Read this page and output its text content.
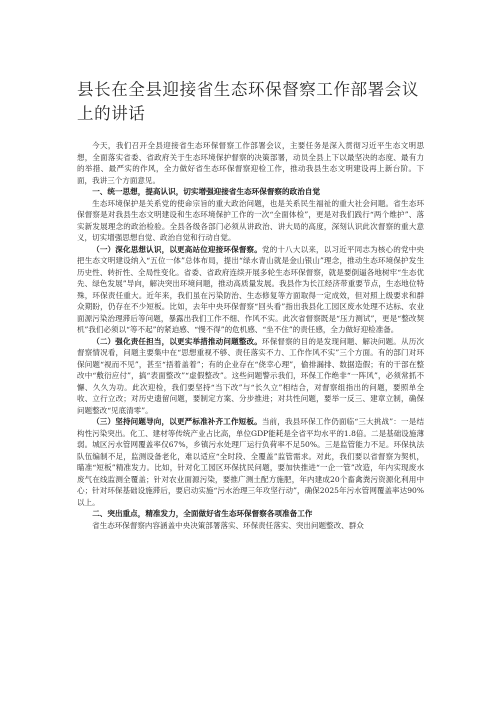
县长在全县迎接省生态环保督察工作部署会议上的讲话

今天，我们召开全县迎接省生态环保督察工作部署会议，主要任务是深入贯彻习近平生态文明思想，全面落实省委、省政府关于生态环境保护督察的决策部署，动员全县上下以最坚决的态度、最有力的举措、最严实的作风，全力做好省生态环保督察迎检工作，推动我县生态文明建设再上新台阶。下面，我讲三个方面意见。

一、统一思想，提高认识，切实增强迎接省生态环保督察的政治自觉

生态环境保护是关系党的使命宗旨的重大政治问题，也是关系民生福祉的重大社会问题。省生态环保督察是对我县生态文明建设和生态环境保护工作的一次“全面体检”，更是对我们践行“两个维护”、落实新发展理念的政治检验。全县各级各部门必须从讲政治、讲大局的高度，深刻认识此次督察的重大意义，切实增强思想自觉、政治自觉和行动自觉。

（一）深化思想认识，以更高站位迎接环保督察。党的十八大以来，以习近平同志为核心的党中央把生态文明建设纳入“五位一体”总体布局，提出“绿水青山就是金山银山”理念，推动生态环境保护发生历史性、转折性、全局性变化。省委、省政府连续开展多轮生态环保督察，就是要倒逼各地树牢“生态优先、绿色发展”导向，解决突出环境问题，推动高质量发展。我县作为长江经济带重要节点，生态地位特殊，环保责任重大。近年来，我们虽在污染防治、生态修复等方面取得一定成效，但对照上级要求和群众期盼，仍存在不少短板。比如，去年中央环保督察“回头看”指出我县化工园区废水处理不达标、农业面源污染治理滞后等问题，暴露出我们工作不细、作风不实。此次省督察既是“压力测试”，更是“整改契机”我们必须以“等不起”的紧迫感、“慢不得”的危机感、“坐不住”的责任感，全力做好迎检准备。

（二）强化责任担当，以更实举措推动问题整改。环保督察的目的是发现问题、解决问题。从历次督察情况看，问题主要集中在“思想重视不够、责任落实不力、工作作风不实”三个方面。有的部门对环保问题“视而不见”，甚至“捂着盖着”；有的企业存在“侥幸心理”，偷排漏排、数据造假；有的干部在整改中“敷衍应付”，搞“表面整改”“虚假整改”。这些问题警示我们，环保工作绝非“一阵风”，必须常抓不懈、久久为功。此次迎检，我们要坚持“当下改”与“长久立”相结合，对督察组指出的问题，要照单全收、立行立改；对历史遗留问题，要制定方案、分步推进；对共性问题，要举一反三、建章立制，确保问题整改“见底清零”。

（三）坚持问题导向，以更严标准补齐工作短板。当前，我县环保工作仍面临“三大挑战”：一是结构性污染突出。化工、建材等传统产业占比高，单位GDP能耗是全省平均水平的1.8倍。二是基础设施薄弱。城区污水管网覆盖率仅67%，乡镇污水处理厂运行负荷率不足50%。三是监管能力不足。环保执法队伍编制不足，监测设备老化，难以适应“全时段、全覆盖”监管需求。对此，我们要以省督察为契机，瞄准“短板”精准发力。比如，针对化工园区环保扰民问题，要加快推进“一企一管”改造，年内实现废水废气在线监测全覆盖；针对农业面源污染，要推广测土配方施肥，年内建成20个畜禽粪污资源化利用中心；针对环保基础设施滞后，要启动实施“污水治理三年攻坚行动”，确保2025年污水管网覆盖率达90%以上。

二、突出重点，精准发力，全面做好省生态环保督察各项准备工作

省生态环保督察内容涵盖中央决策部署落实、环保责任落实、突出问题整改、群众
